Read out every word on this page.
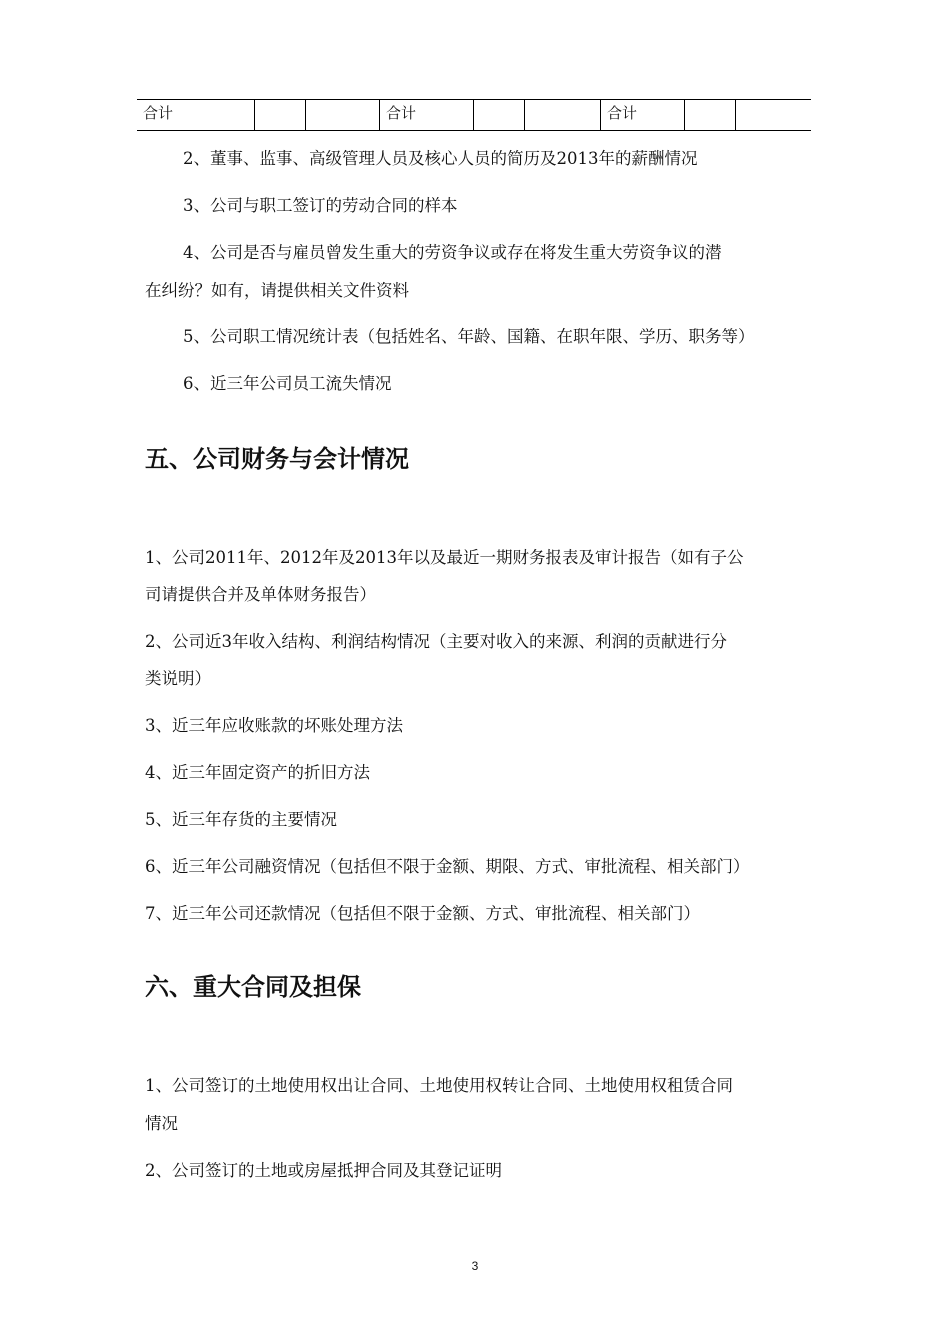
合计			合计			合计		
2、董事、监事、高级管理人员及核心人员的简历及2013年的薪酬情况
3、公司与职工签订的劳动合同的样本
4、公司是否与雇员曾发生重大的劳资争议或存在将发生重大劳资争议的潜
在纠纷？如有，请提供相关文件资料
5、公司职工情况统计表（包括姓名、年龄、国籍、在职年限、学历、职务等）
6、近三年公司员工流失情况
五、公司财务与会计情况
1、公司2011年、2012年及2013年以及最近一期财务报表及审计报告（如有子公
司请提供合并及单体财务报告）
2、公司近3年收入结构、利润结构情况（主要对收入的来源、利润的贡献进行分
类说明）
3、近三年应收账款的坏账处理方法
4、近三年固定资产的折旧方法
5、近三年存货的主要情况
6、近三年公司融资情况（包括但不限于金额、期限、方式、审批流程、相关部门）
7、近三年公司还款情况（包括但不限于金额、方式、审批流程、相关部门）
六、重大合同及担保
1、公司签订的土地使用权出让合同、土地使用权转让合同、土地使用权租赁合同
情况
2、公司签订的土地或房屋抵押合同及其登记证明
3
